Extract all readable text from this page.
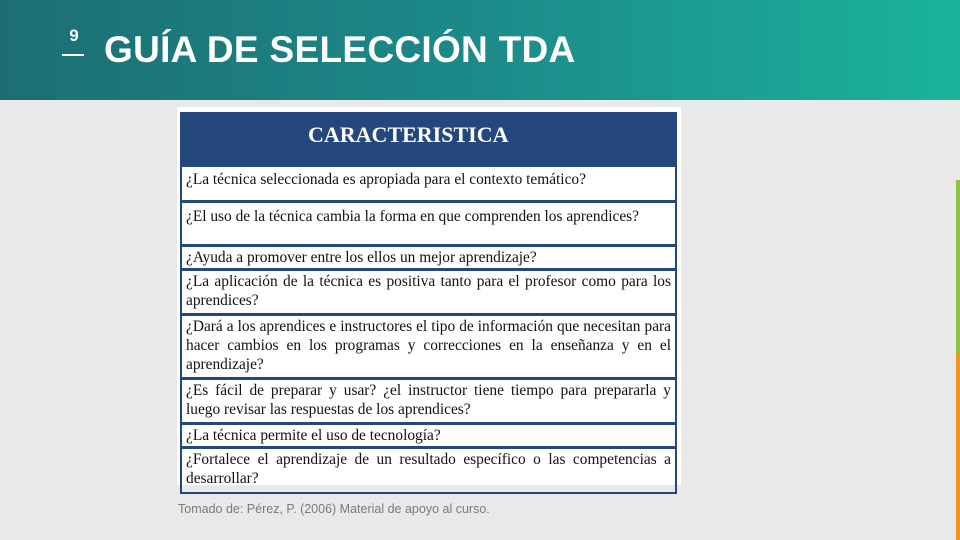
9 GUÍA DE SELECCIÓN TDA
CARACTERISTICA
¿La técnica seleccionada es apropiada para el contexto temático?
¿El uso de la técnica cambia la forma en que comprenden los aprendices?
¿Ayuda a promover entre los ellos un mejor aprendizaje?
¿La aplicación de la técnica es positiva tanto para el profesor como para los aprendices?
¿Dará a los aprendices e instructores el tipo de información que necesitan para hacer cambios en los programas y correcciones en la enseñanza y en el aprendizaje?
¿Es fácil de preparar y usar? ¿el instructor tiene tiempo para prepararla y luego revisar las respuestas de los aprendices?
¿La técnica permite el uso de tecnología?
¿Fortalece el aprendizaje de un resultado específico o las competencias a desarrollar?
Tomado de: Pérez, P. (2006) Material de apoyo al curso.
